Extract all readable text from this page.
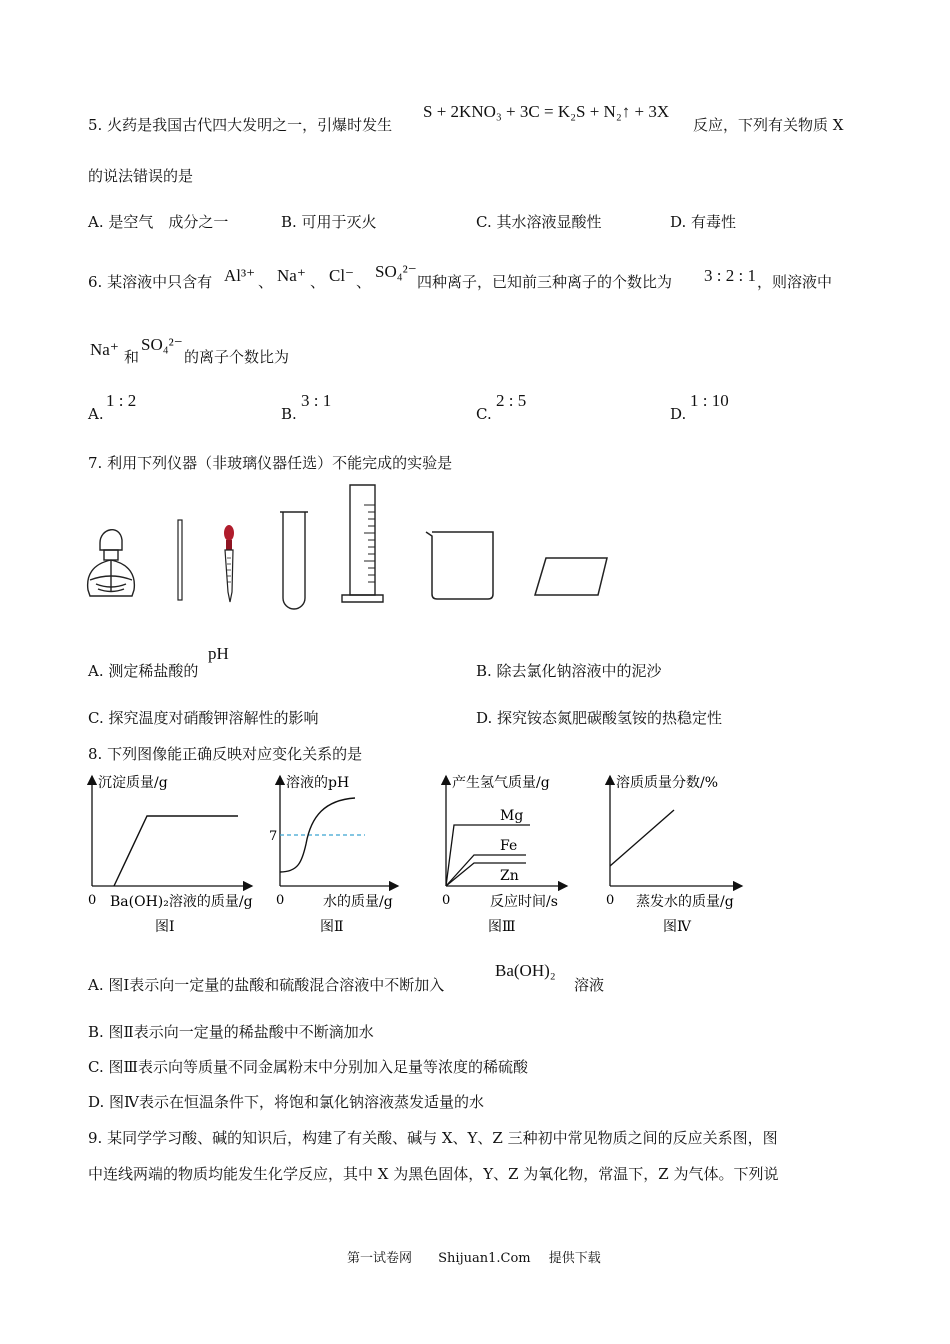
5. 火药是我国古代四大发明之一，引爆时发生
S + 2KNO₃ + 3C = K₂S + N₂↑ + 3X
反应，下列有关物质 X
的说法错误的是
A. 是空气　成分之一	B. 可用于灭火	C. 其水溶液显酸性	D. 有毒性
6. 某溶液中只含有 Al³⁺ 、 Na⁺ 、 Cl⁻ 、
SO₄²⁻
四种离子，已知前三种离子的个数比为 3 : 2 : 1 ，则溶液中
Na⁺ 和
SO₄²⁻
的离子个数比为
A.
1 : 2
B.
3 : 1
C.
2 : 5
D.
1 : 10
7. 利用下列仪器（非玻璃仪器任选）不能完成的实验是
A. 测定稀盐酸的
pH
B. 除去氯化钠溶液中的泥沙
C. 探究温度对硝酸钾溶解性的影响	D. 探究铵态氮肥碳酸氢铵的热稳定性
8. 下列图像能正确反映对应变化关系的是
沉淀质量/g
0 Ba(OH)₂溶液的质量/g
图Ⅰ
溶液的pH
7
0	水的质量/g
图Ⅱ
产生氢气质量/g
Mg
Fe
Zn
0	反应时间/s
图Ⅲ
溶质质量分数/%
0 蒸发水的质量/g
图Ⅳ
A. 图Ⅰ表示向一定量的盐酸和硫酸混合溶液中不断加入
Ba(OH)₂
溶液
B. 图Ⅱ表示向一定量的稀盐酸中不断滴加水
C. 图Ⅲ表示向等质量不同金属粉末中分别加入足量等浓度的稀硫酸
D. 图Ⅳ表示在恒温条件下，将饱和氯化钠溶液蒸发适量的水
9. 某同学学习酸、碱的知识后，构建了有关酸、碱与 X、Y、Z 三种初中常见物质之间的反应关系图，图
中连线两端的物质均能发生化学反应，其中 X 为黑色固体，Y、Z 为氧化物，常温下，Z 为气体。下列说
第一试卷网 Shijuan1.Com 提供下载
